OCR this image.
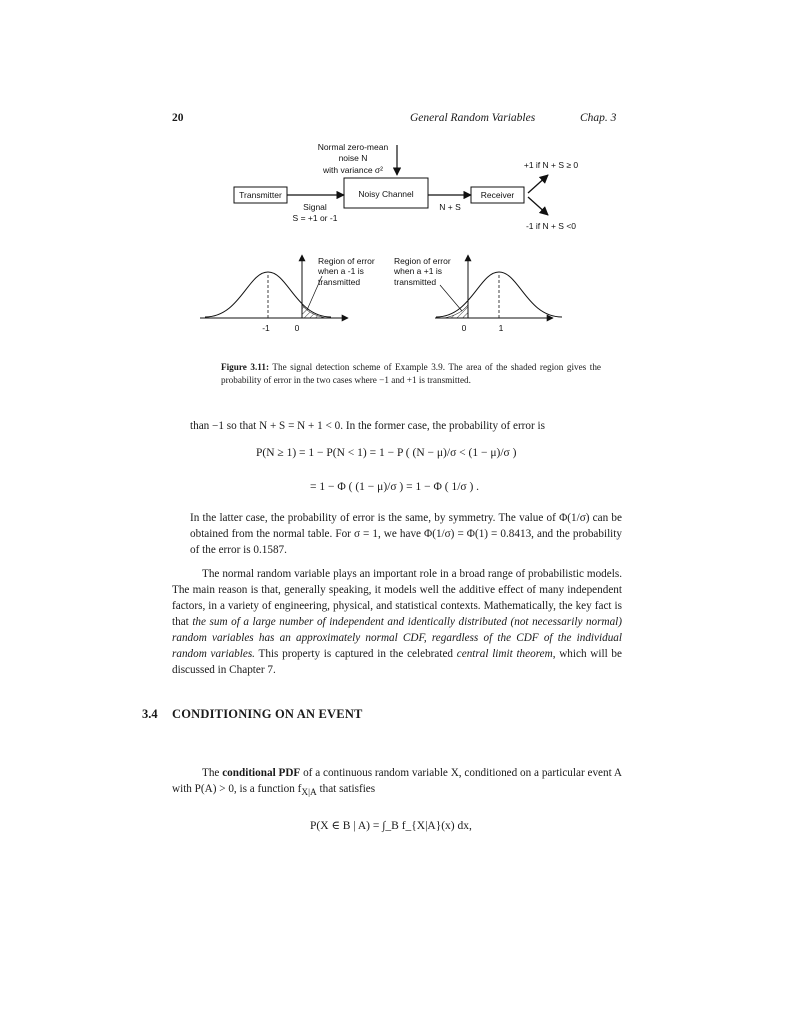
20	General Random Variables	Chap. 3
Normal zero-mean
noise N
with variance σ²
Transmitter
Signal
S = +1 or -1
Noisy Channel
N + S
Receiver
+1 if N + S ≥ 0
-1 if N + S <0
Region of error
when a -1 is
transmitted
-1	0
Region of error
when a +1 is
transmitted
0	1
Figure 3.11: The signal detection scheme of Example 3.9. The area of the shaded region gives the probability of error in the two cases where −1 and +1 is transmitted.
than −1 so that N + S = N + 1 < 0. In the former case, the probability of error is
P(N ≥ 1) = 1 − P(N < 1) = 1 − P ( (N − μ)/σ < (1 − μ)/σ )
= 1 − Φ ( (1 − μ)/σ ) = 1 − Φ ( 1/σ ) .
In the latter case, the probability of error is the same, by symmetry. The value of Φ(1/σ) can be obtained from the normal table. For σ = 1, we have Φ(1/σ) = Φ(1) = 0.8413, and the probability of the error is 0.1587.
The normal random variable plays an important role in a broad range of probabilistic models. The main reason is that, generally speaking, it models well the additive effect of many independent factors, in a variety of engineering, physical, and statistical contexts. Mathematically, the key fact is that the sum of a large number of independent and identically distributed (not necessarily normal) random variables has an approximately normal CDF, regardless of the CDF of the individual random variables. This property is captured in the celebrated central limit theorem, which will be discussed in Chapter 7.
3.4 CONDITIONING ON AN EVENT
The conditional PDF of a continuous random variable X, conditioned on a particular event A with P(A) > 0, is a function $f_{X|A}$ that satisfies
P(X ∈ B | A) = ∫_B f_{X|A}(x) dx,
